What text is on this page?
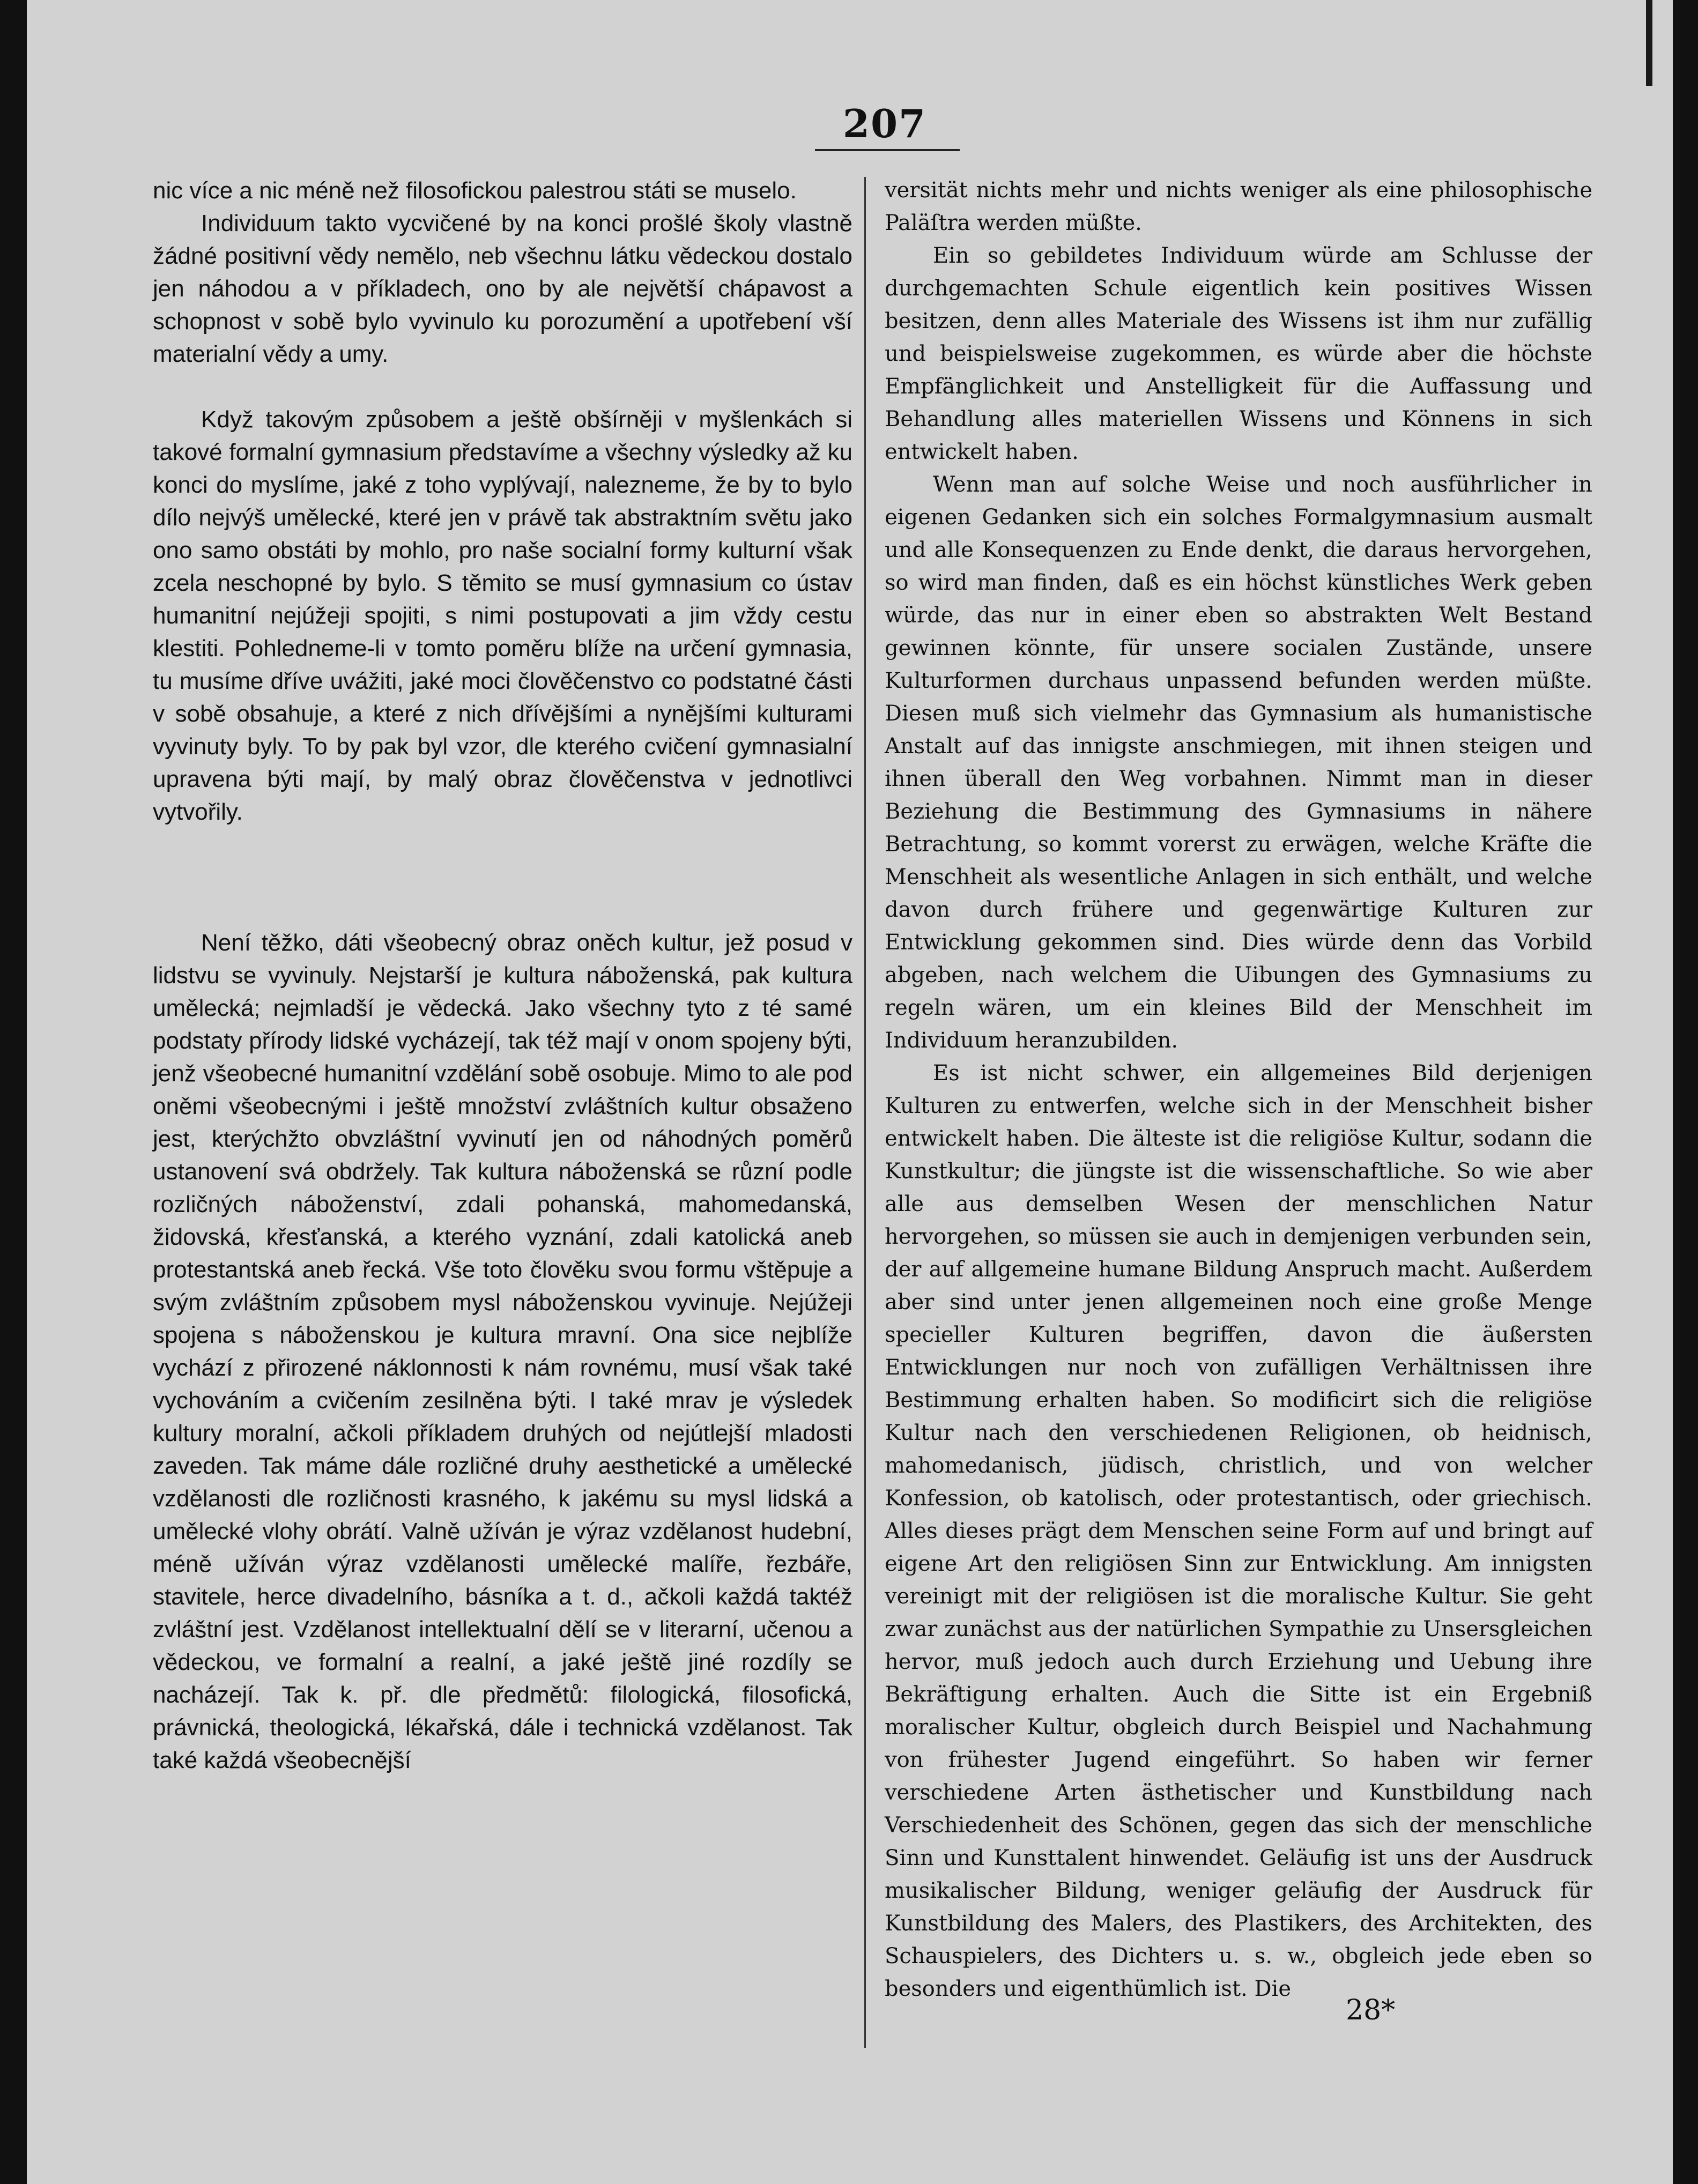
207

nic více a nic méně než filosofickou palestrou státi se muselo.

Individuum takto vycvičené by na konci prošlé školy vlastně žádné positivní vědy nemělo, neb všechnu látku vědeckou dostalo jen náhodou a v příkladech, ono by ale největší chápavost a schopnost v sobě bylo vyvinulo ku porozumění a upotřebení vší materialní vědy a umy.

Když takovým způsobem a ještě obšírněji v myšlenkách si takové formalní gymnasium představíme a všechny výsledky až ku konci do myslíme, jaké z toho vyplývají, nalezneme, že by to bylo dílo nejvýš umělecké, které jen v právě tak abstraktním světu jako ono samo obstáti by mohlo, pro naše socialní formy kulturní však zcela neschopné by bylo. S těmito se musí gymnasium co ústav humanitní nejúžeji spojiti, s nimi postupovati a jim vždy cestu klestiti. Pohledneme-li v tomto poměru blíže na určení gymnasia, tu musíme dříve uvážiti, jaké moci člověčenstvo co podstatné části v sobě obsahuje, a které z nich dřívějšími a nynějšími kulturami vyvinuty byly. To by pak byl vzor, dle kterého cvičení gymnasialní upravena býti mají, by malý obraz člověčenstva v jednotlivci vytvořily.

Není těžko, dáti všeobecný obraz oněch kultur, jež posud v lidstvu se vyvinuly. Nejstarší je kultura náboženská, pak kultura umělecká; nejmladší je vědecká. Jako všechny tyto z té samé podstaty přírody lidské vycházejí, tak též mají v onom spojeny býti, jenž všeobecné humanitní vzdělání sobě osobuje. Mimo to ale pod oněmi všeobecnými i ještě množství zvláštních kultur obsaženo jest, kterýchžto obvzláštní vyvinutí jen od náhodných poměrů ustanovení svá obdržely. Tak kultura náboženská se různí podle rozličných náboženství, zdali pohanská, mahomedanská, židovská, křesťanská, a kterého vyznání, zdali katolická aneb protestantská aneb řecká. Vše toto člověku svou formu vštěpuje a svým zvláštním způsobem mysl náboženskou vyvinuje. Nejúžeji spojena s náboženskou je kultura mravní. Ona sice nejblíže vychází z přirozené náklonnosti k nám rovnému, musí však také vychováním a cvičením zesilněna býti. I také mrav je výsledek kultury moralní, ačkoli příkladem druhých od nejútlejší mladosti zaveden. Tak máme dále rozličné druhy aesthetické a umělecké vzdělanosti dle rozličnosti krasného, k jakému su mysl lidská a umělecké vlohy obrátí. Valně užíván je výraz vzdělanost hudební, méně užíván výraz vzdělanosti umělecké malíře, řezbáře, stavitele, herce divadelního, básníka a t. d., ačkoli každá taktéž zvláštní jest. Vzdělanost intellektualní dělí se v literarní, učenou a vědeckou, ve formalní a realní, a jaké ještě jiné rozdíly se nacházejí. Tak k. př. dle předmětů: filologická, filosofická, právnická, theologická, lékařská, dále i technická vzdělanost. Tak také každá všeobecnější

versität nichts mehr und nichts weniger als eine philosophische Paläſtra werden müßte.

Ein so gebildetes Individuum würde am Schlusse der durchgemachten Schule eigentlich kein positives Wissen besitzen, denn alles Materiale des Wissens ist ihm nur zufällig und beispielsweise zugekommen, es würde aber die höchste Empfänglichkeit und Anstelligkeit für die Auffassung und Behandlung alles materiellen Wissens und Könnens in sich entwickelt haben.

Wenn man auf solche Weise und noch ausführlicher in eigenen Gedanken sich ein solches Formalgymnasium ausmalt und alle Konsequenzen zu Ende denkt, die daraus hervorgehen, so wird man finden, daß es ein höchst künstliches Werk geben würde, das nur in einer eben so abstrakten Welt Bestand gewinnen könnte, für unsere socialen Zustände, unsere Kulturformen durchaus unpassend befunden werden müßte. Diesen muß sich vielmehr das Gymnasium als humanistische Anstalt auf das innigste anschmiegen, mit ihnen steigen und ihnen überall den Weg vorbahnen. Nimmt man in dieser Beziehung die Bestimmung des Gymnasiums in nähere Betrachtung, so kommt vorerst zu erwägen, welche Kräfte die Menschheit als wesentliche Anlagen in sich enthält, und welche davon durch frühere und gegenwärtige Kulturen zur Entwicklung gekommen sind. Dies würde denn das Vorbild abgeben, nach welchem die Uibungen des Gymnasiums zu regeln wären, um ein kleines Bild der Menschheit im Individuum heranzubilden.

Es ist nicht schwer, ein allgemeines Bild derjenigen Kulturen zu entwerfen, welche sich in der Menschheit bisher entwickelt haben. Die älteste ist die religiöse Kultur, sodann die Kunstkultur; die jüngste ist die wissenschaftliche. So wie aber alle aus demselben Wesen der menschlichen Natur hervorgehen, so müssen sie auch in demjenigen verbunden sein, der auf allgemeine humane Bildung Anspruch macht. Außerdem aber sind unter jenen allgemeinen noch eine große Menge specieller Kulturen begriffen, davon die äußersten Entwicklungen nur noch von zufälligen Verhältnissen ihre Bestimmung erhalten haben. So modificirt sich die religiöse Kultur nach den verschiedenen Religionen, ob heidnisch, mahomedanisch, jüdisch, christlich, und von welcher Konfession, ob katolisch, oder protestantisch, oder griechisch. Alles dieses prägt dem Menschen seine Form auf und bringt auf eigene Art den religiösen Sinn zur Entwicklung. Am innigsten vereinigt mit der religiösen ist die moralische Kultur. Sie geht zwar zunächst aus der natürlichen Sympathie zu Unsersgleichen hervor, muß jedoch auch durch Erziehung und Uebung ihre Bekräftigung erhalten. Auch die Sitte ist ein Ergebniß moralischer Kultur, obgleich durch Beispiel und Nachahmung von frühester Jugend eingeführt. So haben wir ferner verschiedene Arten ästhetischer und Kunstbildung nach Verschiedenheit des Schönen, gegen das sich der menschliche Sinn und Kunsttalent hinwendet. Geläufig ist uns der Ausdruck musikalischer Bildung, weniger geläufig der Ausdruck für Kunstbildung des Malers, des Plastikers, des Architekten, des Schauspielers, des Dichters u. s. w., obgleich jede eben so besonders und eigenthümlich ist. Die

28*
